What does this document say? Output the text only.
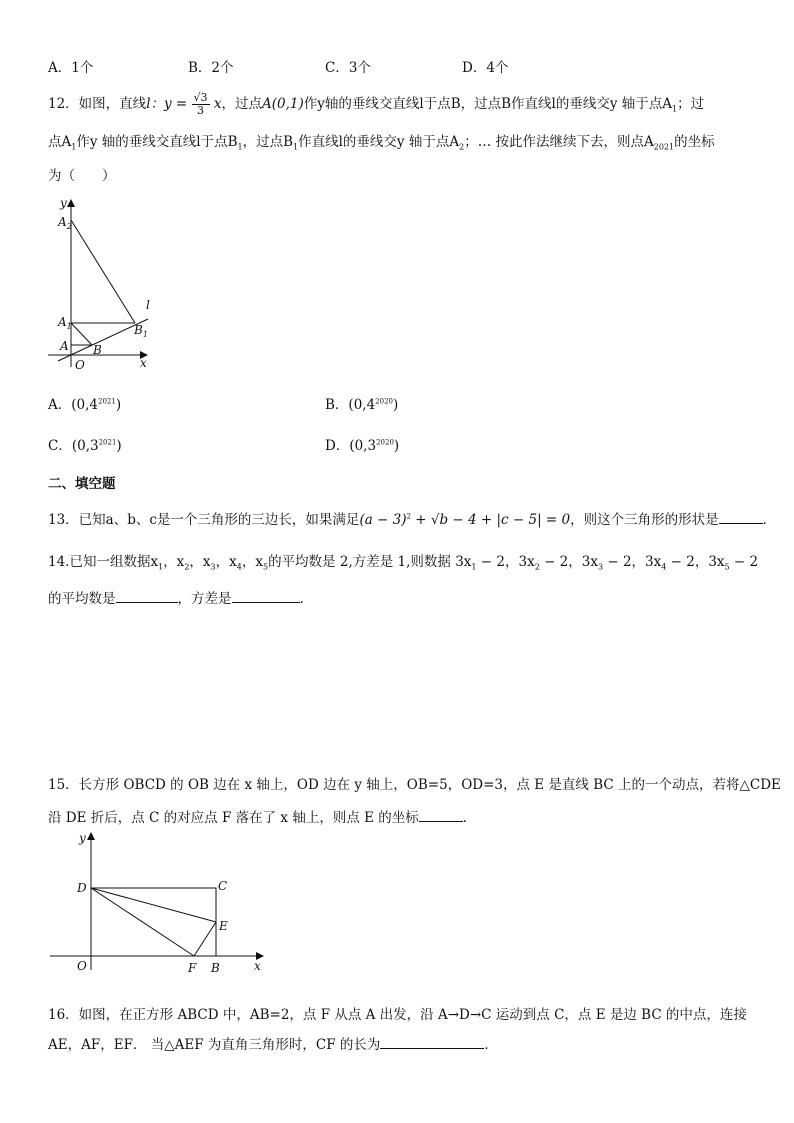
A．1个	B．2个	C．3个	D．4个
12．如图，直线l：$y = \frac{√3}{3}$ x，过点A(0,1)作y轴的垂线交直线l于点B，过点B作直线l的垂线交y 轴于点$A_1$；过
点$A_1$作y 轴的垂线交直线l于点$B_1$，过点$B_1$作直线l的垂线交y 轴于点$A_2$；… 按此作法继续下去，则点$A_{2021}$的坐标
为（　　）
y
$A_2$
$A_1$
A B
$B_1$
l
O	x
A．$(0,4^{2021})$	B．$(0,4^{2020})$
C．$(0,3^{2021})$	D．$(0,3^{2020})$
二、填空题
13．已知a、b、c是一个三角形的三边长，如果满足$(a - 3)^2 + √b - 4 + |c - 5| = 0$，则这个三角形的形状是	．
14.已知一组数据$x_1$，$x_2$，$x_3$，$x_4$，$x_5$的平均数是 2,方差是 1,则数据 $3x_1 - 2$，$3x_2 - 2$，$3x_3 - 2$，$3x_4 - 2$，$3x_5 - 2$
的平均数是	，方差是	.
15．长方形 OBCD 的 OB 边在 x 轴上，OD 边在 y 轴上，OB=5，OD=3，点 E 是直线 BC 上的一个动点，若将△CDE
沿 DE 折后，点 C 的对应点 F 落在了 x 轴上，则点 E 的坐标	．
y
D	C
E
O	F B	x
16．如图，在正方形 ABCD 中，AB=2，点 F 从点 A 出发，沿 A→D→C 运动到点 C，点 E 是边 BC 的中点，连接
AE，AF，EF． 当△AEF 为直角三角形时，CF 的长为	．
